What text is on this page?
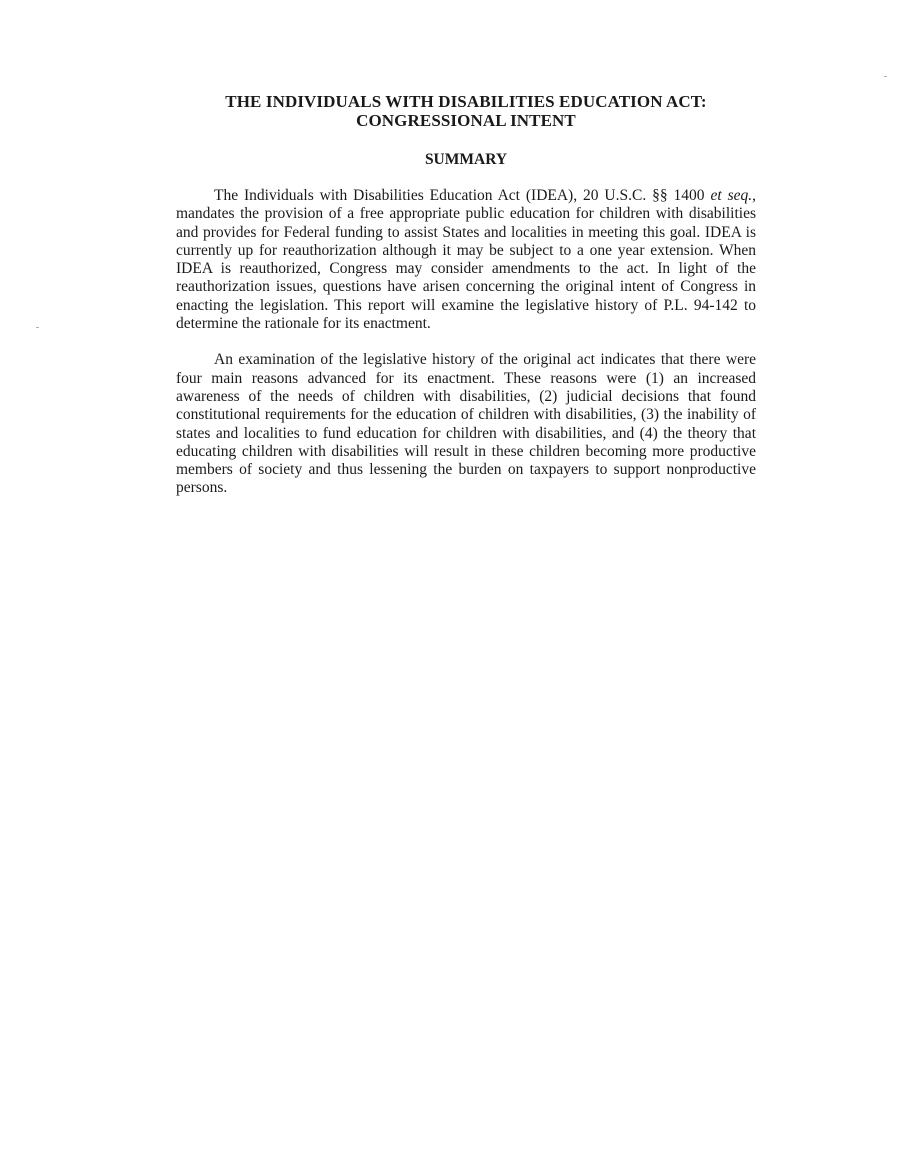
THE INDIVIDUALS WITH DISABILITIES EDUCATION ACT:
CONGRESSIONAL INTENT
SUMMARY

The Individuals with Disabilities Education Act (IDEA), 20 U.S.C. §§ 1400 et seq., mandates the provision of a free appropriate public education for children with disabilities and provides for Federal funding to assist States and localities in meeting this goal. IDEA is currently up for reauthorization although it may be subject to a one year extension. When IDEA is reauthorized, Congress may consider amendments to the act. In light of the reauthorization issues, questions have arisen concerning the original intent of Congress in enacting the legislation. This report will examine the legislative history of P.L. 94-142 to determine the rationale for its enactment.

An examination of the legislative history of the original act indicates that there were four main reasons advanced for its enactment. These reasons were (1) an increased awareness of the needs of children with disabilities, (2) judicial decisions that found constitutional requirements for the education of children with disabilities, (3) the inability of states and localities to fund education for children with disabilities, and (4) the theory that educating children with disabilities will result in these children becoming more productive members of society and thus lessening the burden on taxpayers to support nonproductive persons.
